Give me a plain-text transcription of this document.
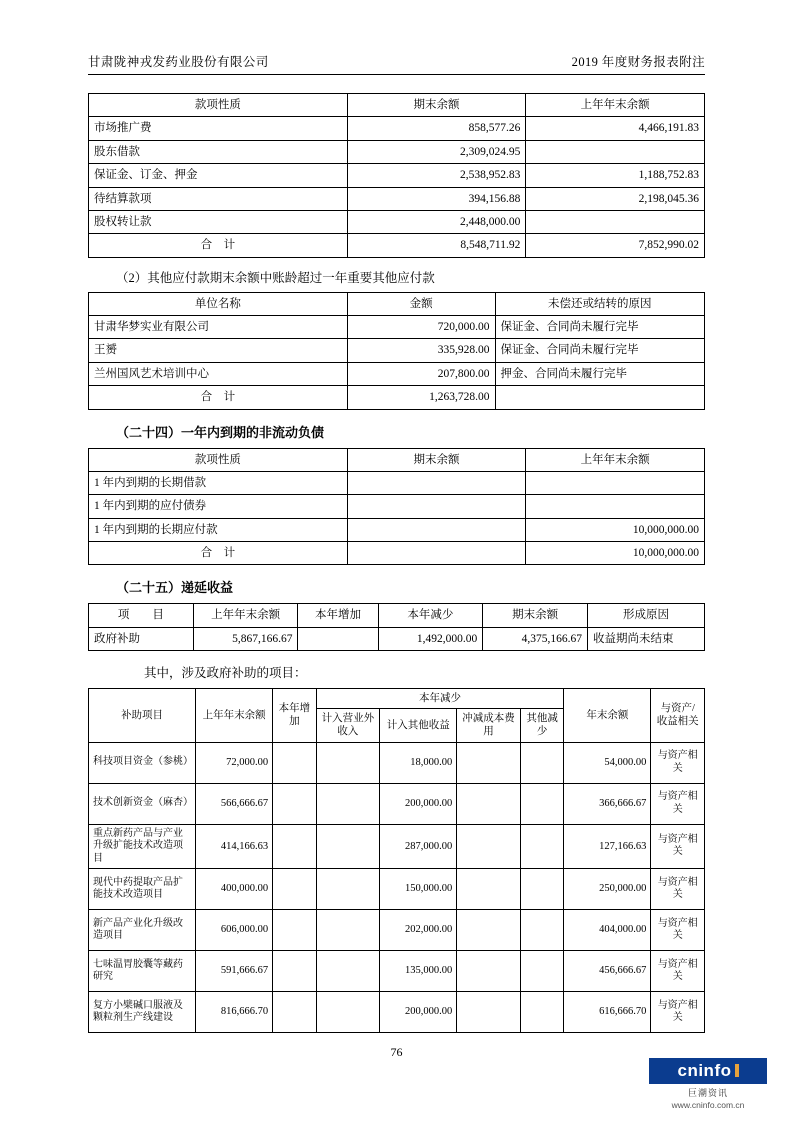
甘肃陇神戎发药业股份有限公司	2019 年度财务报表附注
款项性质	期末余额	上年年末余额
市场推广费	858,577.26	4,466,191.83
股东借款	2,309,024.95	
保证金、订金、押金	2,538,952.83	1,188,752.83
待结算款项	394,156.88	2,198,045.36
股权转让款	2,448,000.00	
合　计	8,548,711.92	7,852,990.02
（2）其他应付款期末余额中账龄超过一年重要其他应付款
单位名称	金额	未偿还或结转的原因
甘肃华梦实业有限公司	720,000.00	保证金、合同尚未履行完毕
王赟	335,928.00	保证金、合同尚未履行完毕
兰州国风艺术培训中心	207,800.00	押金、合同尚未履行完毕
合　计	1,263,728.00	
（二十四）一年内到期的非流动负债
款项性质	期末余额	上年年末余额
1 年内到期的长期借款		
1 年内到期的应付债券		
1 年内到期的长期应付款		10,000,000.00
合　计		10,000,000.00
（二十五）递延收益
项　　目	上年年末余额	本年增加	本年减少	期末余额	形成原因
政府补助	5,867,166.67		1,492,000.00	4,375,166.67	收益期尚未结束
其中，涉及政府补助的项目：
补助项目	上年年末余额	本年增加	本年减少				年末余额	与资产/收益相关
			计入营业外收入	计入其他收益	冲减成本费用	其他减少		
科技项目资金（参桃）	72,000.00			18,000.00			54,000.00	与资产相关
技术创新资金（麻杏）	566,666.67			200,000.00			366,666.67	与资产相关
重点新药产品与产业升级扩能技术改造项目	414,166.63			287,000.00			127,166.63	与资产相关
现代中药提取产品扩能技术改造项目	400,000.00			150,000.00			250,000.00	与资产相关
新产品产业化升级改造项目	606,000.00			202,000.00			404,000.00	与资产相关
七味温胃胶囊等藏药研究	591,666.67			135,000.00			456,666.67	与资产相关
复方小檗碱口服液及颗粒剂生产线建设	816,666.70			200,000.00			616,666.70	与资产相关
76
cninfo
巨潮资讯
www.cninfo.com.cn
